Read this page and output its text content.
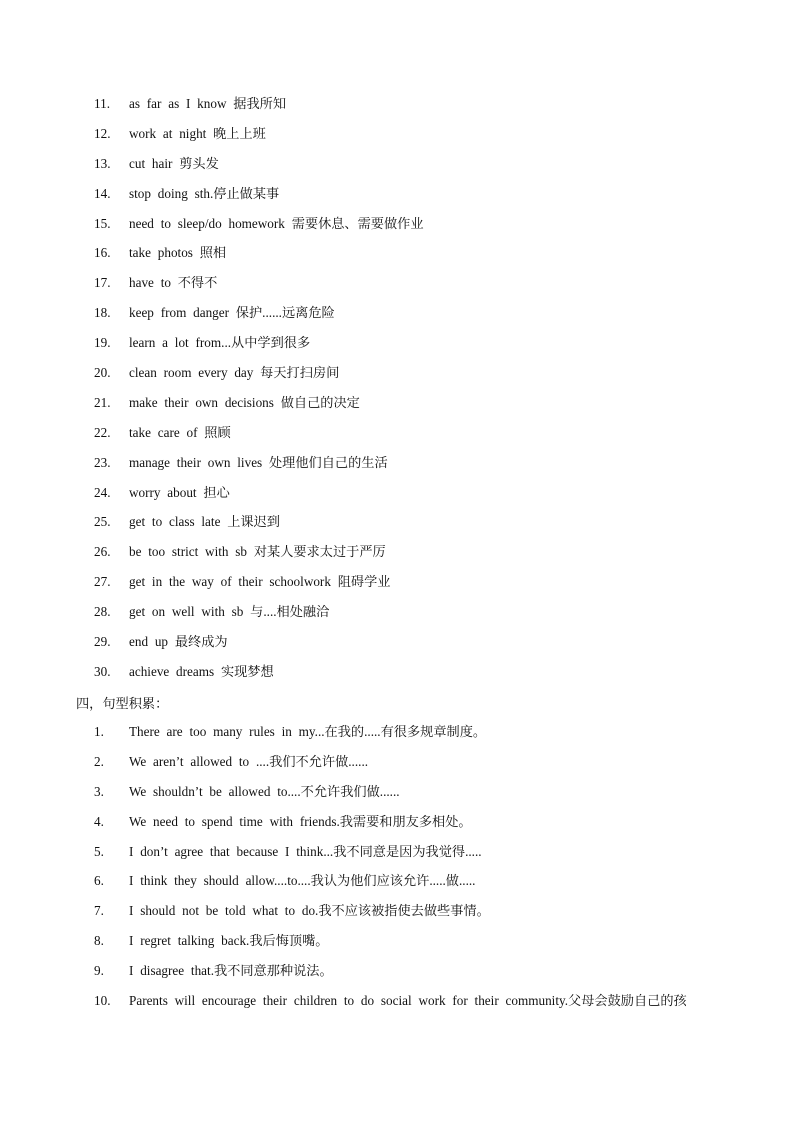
11. as far as I know 据我所知
12. work at night 晚上上班
13. cut hair 剪头发
14. stop doing sth.停止做某事
15. need to sleep/do homework 需要休息、需要做作业
16. take photos 照相
17. have to 不得不
18. keep from danger 保护......远离危险
19. learn a lot from...从中学到很多
20. clean room every day 每天打扫房间
21. make their own decisions 做自己的决定
22. take care of 照顾
23. manage their own lives 处理他们自己的生活
24. worry about 担心
25. get to class late 上课迟到
26. be too strict with sb 对某人要求太过于严厉
27. get in the way of their schoolwork 阻碍学业
28. get on well with sb 与....相处融洽
29. end up 最终成为
30. achieve dreams 实现梦想
四，句型积累：
1. There are too many rules in my...在我的.....有很多规章制度。
2. We aren’t allowed to ....我们不允许做......
3. We shouldn’t be allowed to....不允许我们做......
4. We need to spend time with friends.我需要和朋友多相处。
5. I don’t agree that because I think...我不同意是因为我觉得.....
6. I think they should allow....to....我认为他们应该允许.....做.....
7. I should not be told what to do.我不应该被指使去做些事情。
8. I regret talking back.我后悔顶嘴。
9. I disagree that.我不同意那种说法。
10. Parents will encourage their children to do social work for their community.父母会鼓励自己的孩
